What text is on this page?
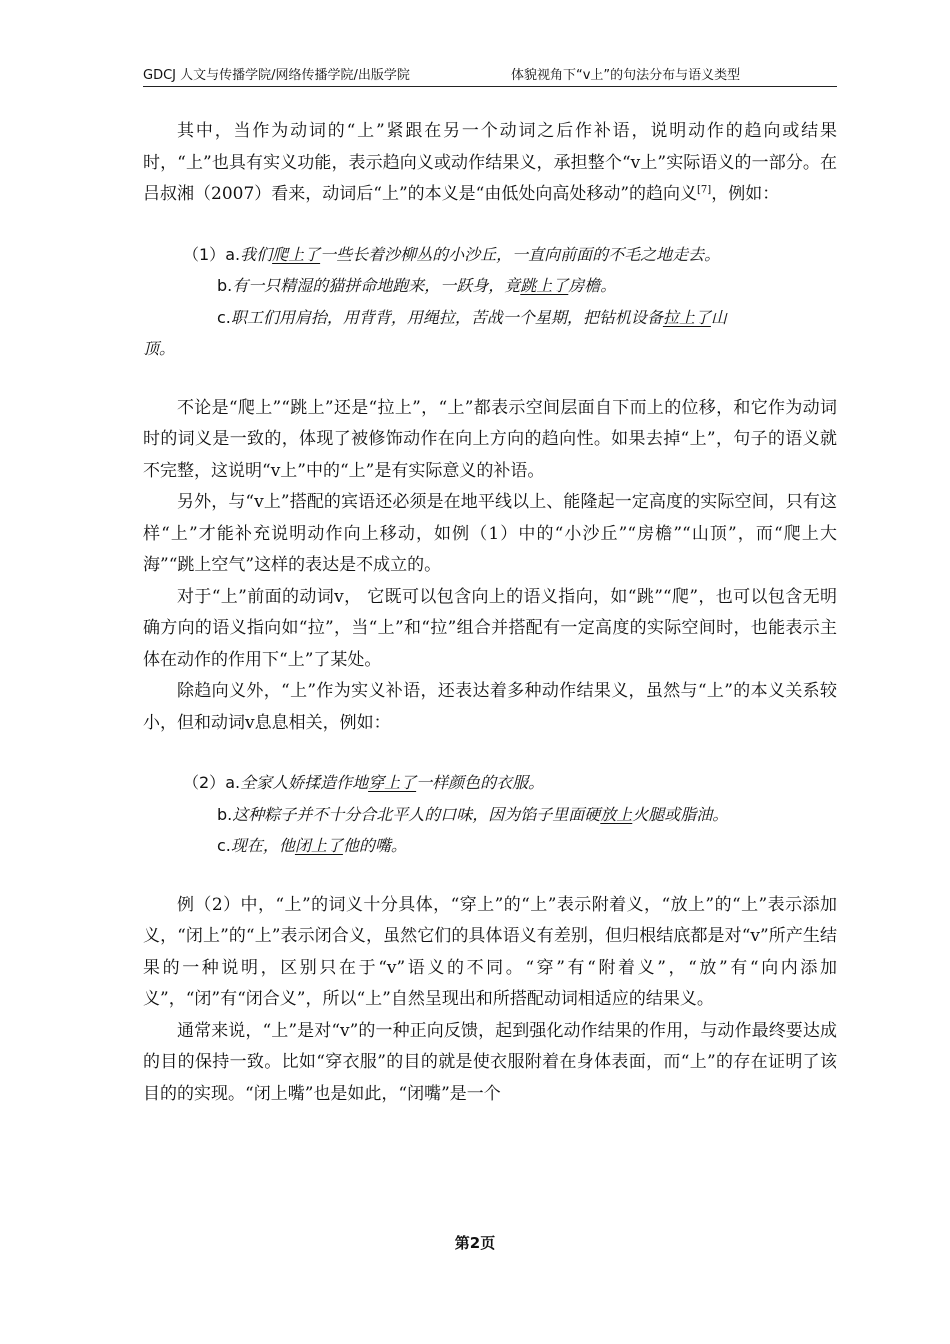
GDCJ 人文与传播学院/网络传播学院/出版学院	体貌视角下“v上”的句法分布与语义类型

其中，当作为动词的“上”紧跟在另一个动词之后作补语，说明动作的趋向或结果时，“上”也具有实义功能，表示趋向义或动作结果义，承担整个“v上”实际语义的一部分。在吕叔湘（2007）看来，动词后“上”的本义是“由低处向高处移动”的趋向义[7]，例如：

（1）a.我们爬上了一些长着沙柳丛的小沙丘，一直向前面的不毛之地走去。

b.有一只精湿的猫拼命地跑来，一跃身，竟跳上了房檐。

c.职工们用肩抬，用背背，用绳拉，苦战一个星期，把钻机设备拉上了山

顶。

不论是“爬上”“跳上”还是“拉上”，“上”都表示空间层面自下而上的位移，和它作为动词时的词义是一致的，体现了被修饰动作在向上方向的趋向性。如果去掉“上”，句子的语义就不完整，这说明“v上”中的“上”是有实际意义的补语。

另外，与“v上”搭配的宾语还必须是在地平线以上、能隆起一定高度的实际空间，只有这样“上”才能补充说明动作向上移动，如例（1）中的“小沙丘”“房檐”“山顶”，而“爬上大海”“跳上空气”这样的表达是不成立的。

对于“上”前面的动词v， 它既可以包含向上的语义指向，如“跳”“爬”，也可以包含无明确方向的语义指向如“拉”，当“上”和“拉”组合并搭配有一定高度的实际空间时，也能表示主体在动作的作用下“上”了某处。

除趋向义外，“上”作为实义补语，还表达着多种动作结果义，虽然与“上”的本义关系较小，但和动词v息息相关，例如：

（2）a.全家人娇揉造作地穿上了一样颜色的衣服。

b.这种粽子并不十分合北平人的口味，因为馅子里面硬放上火腿或脂油。

c.现在，他闭上了他的嘴。

例（2）中，“上”的词义十分具体，“穿上”的“上”表示附着义，“放上”的“上”表示添加义，“闭上”的“上”表示闭合义，虽然它们的具体语义有差别，但归根结底都是对“v”所产生结果的一种说明，区别只在于“v”语义的不同。“穿”有“附着义”，“放”有“向内添加义”，“闭”有“闭合义”，所以“上”自然呈现出和所搭配动词相适应的结果义。

通常来说，“上”是对“v”的一种正向反馈，起到强化动作结果的作用，与动作最终要达成的目的保持一致。比如“穿衣服”的目的就是使衣服附着在身体表面，而“上”的存在证明了该目的的实现。“闭上嘴”也是如此，“闭嘴”是一个

第2页
